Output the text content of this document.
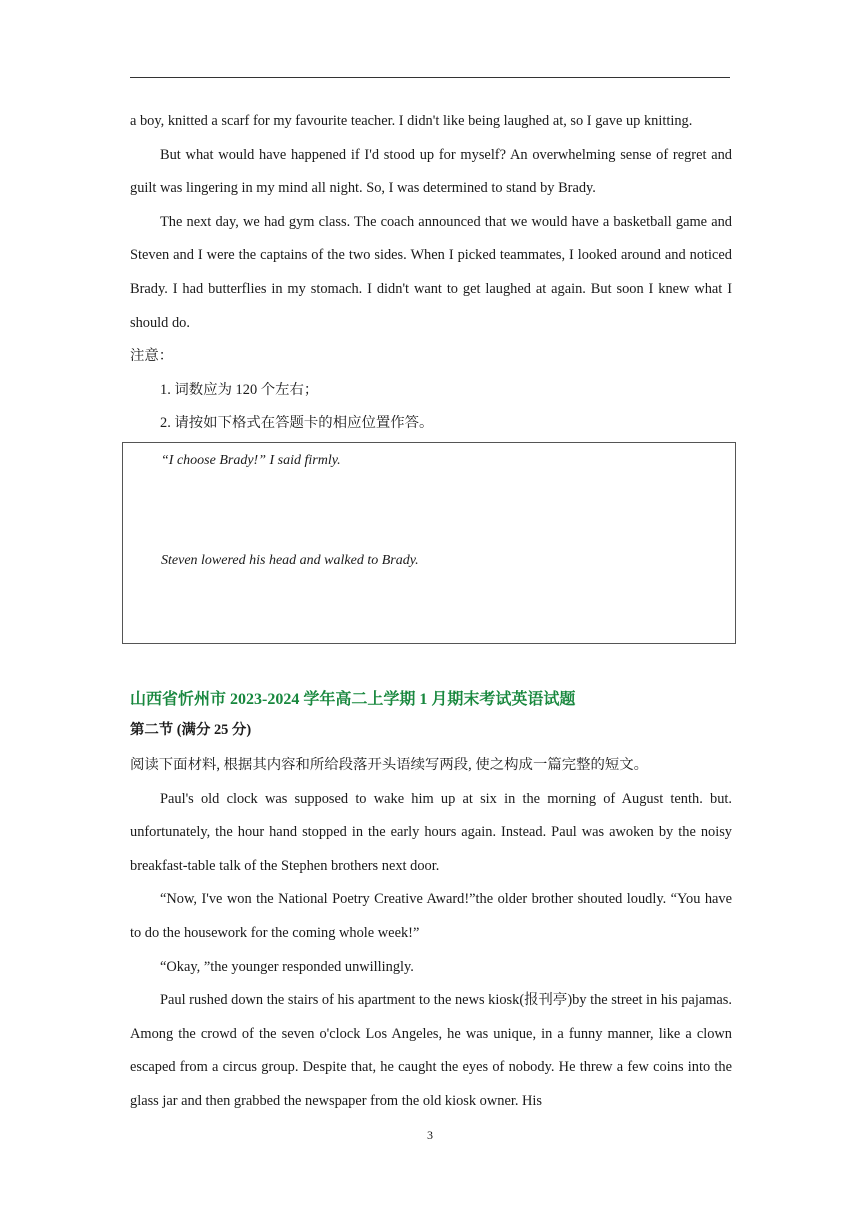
a boy, knitted a scarf for my favourite teacher. I didn't like being laughed at, so I gave up knitting.

But what would have happened if I'd stood up for myself? An overwhelming sense of regret and guilt was lingering in my mind all night. So, I was determined to stand by Brady.

The next day, we had gym class. The coach announced that we would have a basketball game and Steven and I were the captains of the two sides. When I picked teammates, I looked around and noticed Brady. I had butterflies in my stomach. I didn't want to get laughed at again. But soon I knew what I should do.

注意：

1. 词数应为 120 个左右；

2. 请按如下格式在答题卡的相应位置作答。

“I choose Brady!” I said firmly.
Steven lowered his head and walked to Brady.
山西省忻州市 2023-2024 学年高二上学期 1 月期末考试英语试题
第二节 (满分 25 分)

阅读下面材料, 根据其内容和所给段落开头语续写两段, 使之构成一篇完整的短文。

Paul's old clock was supposed to wake him up at six in the morning of August tenth. but. unfortunately, the hour hand stopped in the early hours again. Instead. Paul was awoken by the noisy breakfast-table talk of the Stephen brothers next door.

“Now, I've won the National Poetry Creative Award!”the older brother shouted loudly. “You have to do the housework for the coming whole week!”

“Okay, ”the younger responded unwillingly.

Paul rushed down the stairs of his apartment to the news kiosk(报刊亭)by the street in his pajamas. Among the crowd of the seven o'clock Los Angeles, he was unique, in a funny manner, like a clown escaped from a circus group. Despite that, he caught the eyes of nobody. He threw a few coins into the glass jar and then grabbed the newspaper from the old kiosk owner. His

3
